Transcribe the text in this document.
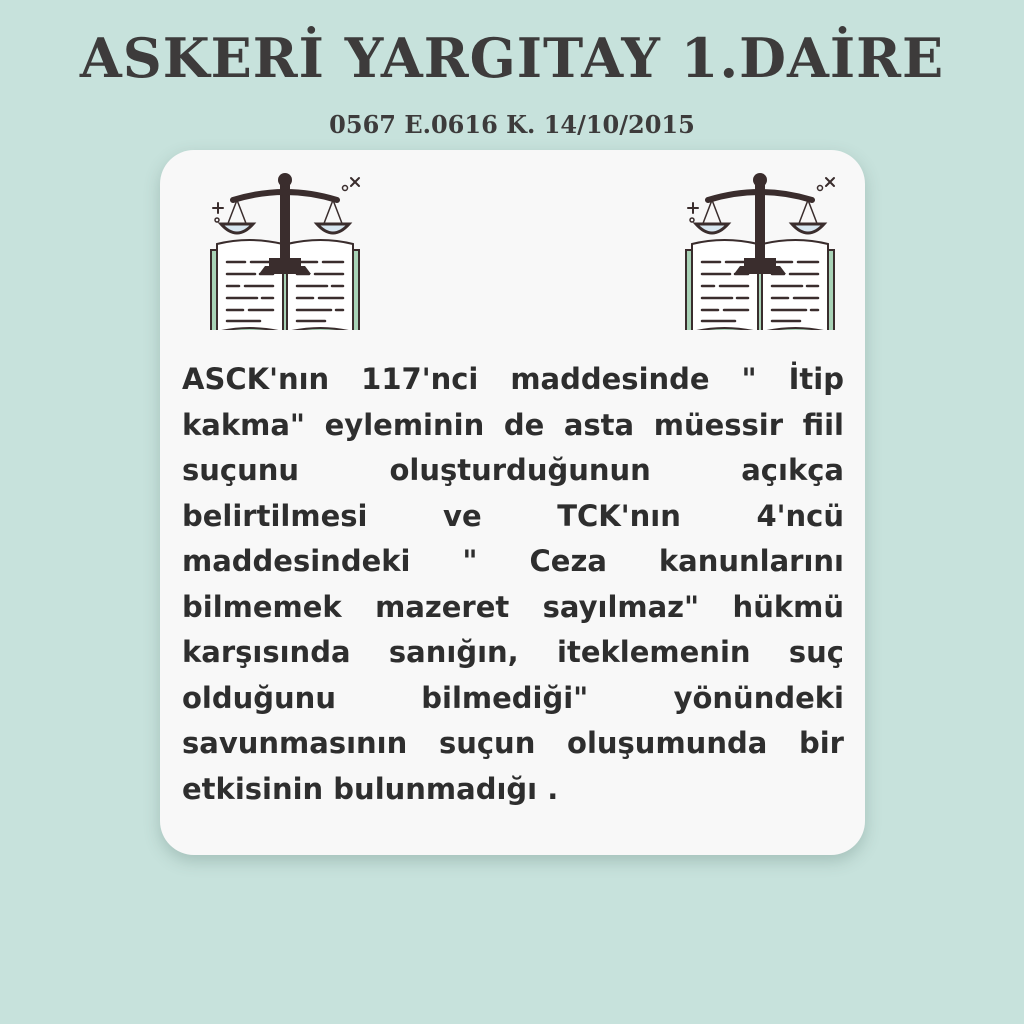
ASKERİ YARGITAY 1.DAİRE
0567 E.0616 K. 14/10/2015

ASCK'nın 117'nci maddesinde " İtip kakma" eyleminin de asta müessir fiil suçunu oluşturduğunun açıkça belirtilmesi ve TCK'nın 4'ncü maddesindeki " Ceza kanunlarını bilmemek mazeret sayılmaz" hükmü karşısında sanığın, iteklemenin suç olduğunu bilmediği" yönündeki savunmasının suçun oluşumunda bir etkisinin bulunmadığı .
